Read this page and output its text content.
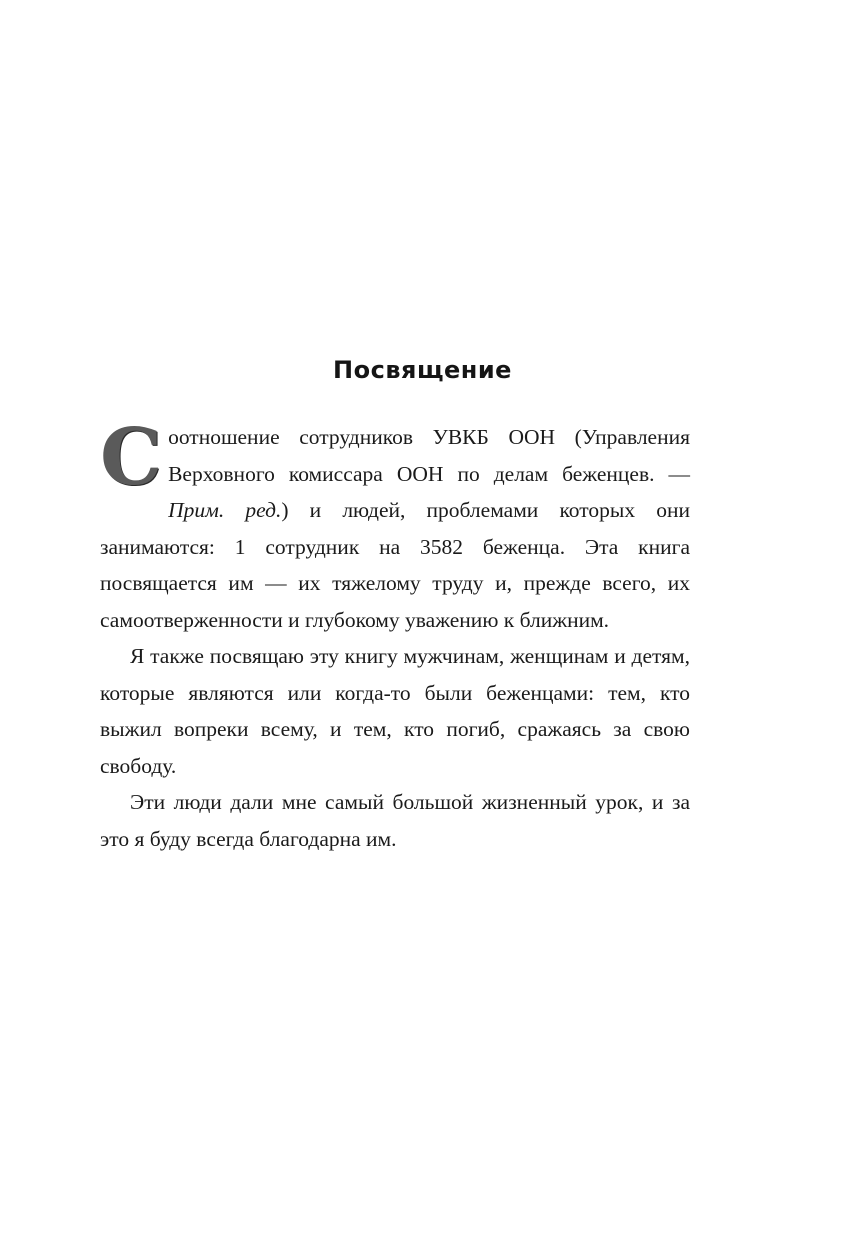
Посвящение

Соотношение сотрудников УВКБ ООН (Управления Верховного комиссара ООН по делам беженцев. — Прим. ред.) и людей, проблемами которых они занимаются: 1 сотрудник на 3582 беженца. Эта книга посвящается им — их тяжелому труду и, прежде всего, их самоотверженности и глубокому уважению к ближним.

Я также посвящаю эту книгу мужчинам, женщинам и детям, которые являются или когда-то были беженцами: тем, кто выжил вопреки всему, и тем, кто погиб, сражаясь за свою свободу.

Эти люди дали мне самый большой жизненный урок, и за это я буду всегда благодарна им.
